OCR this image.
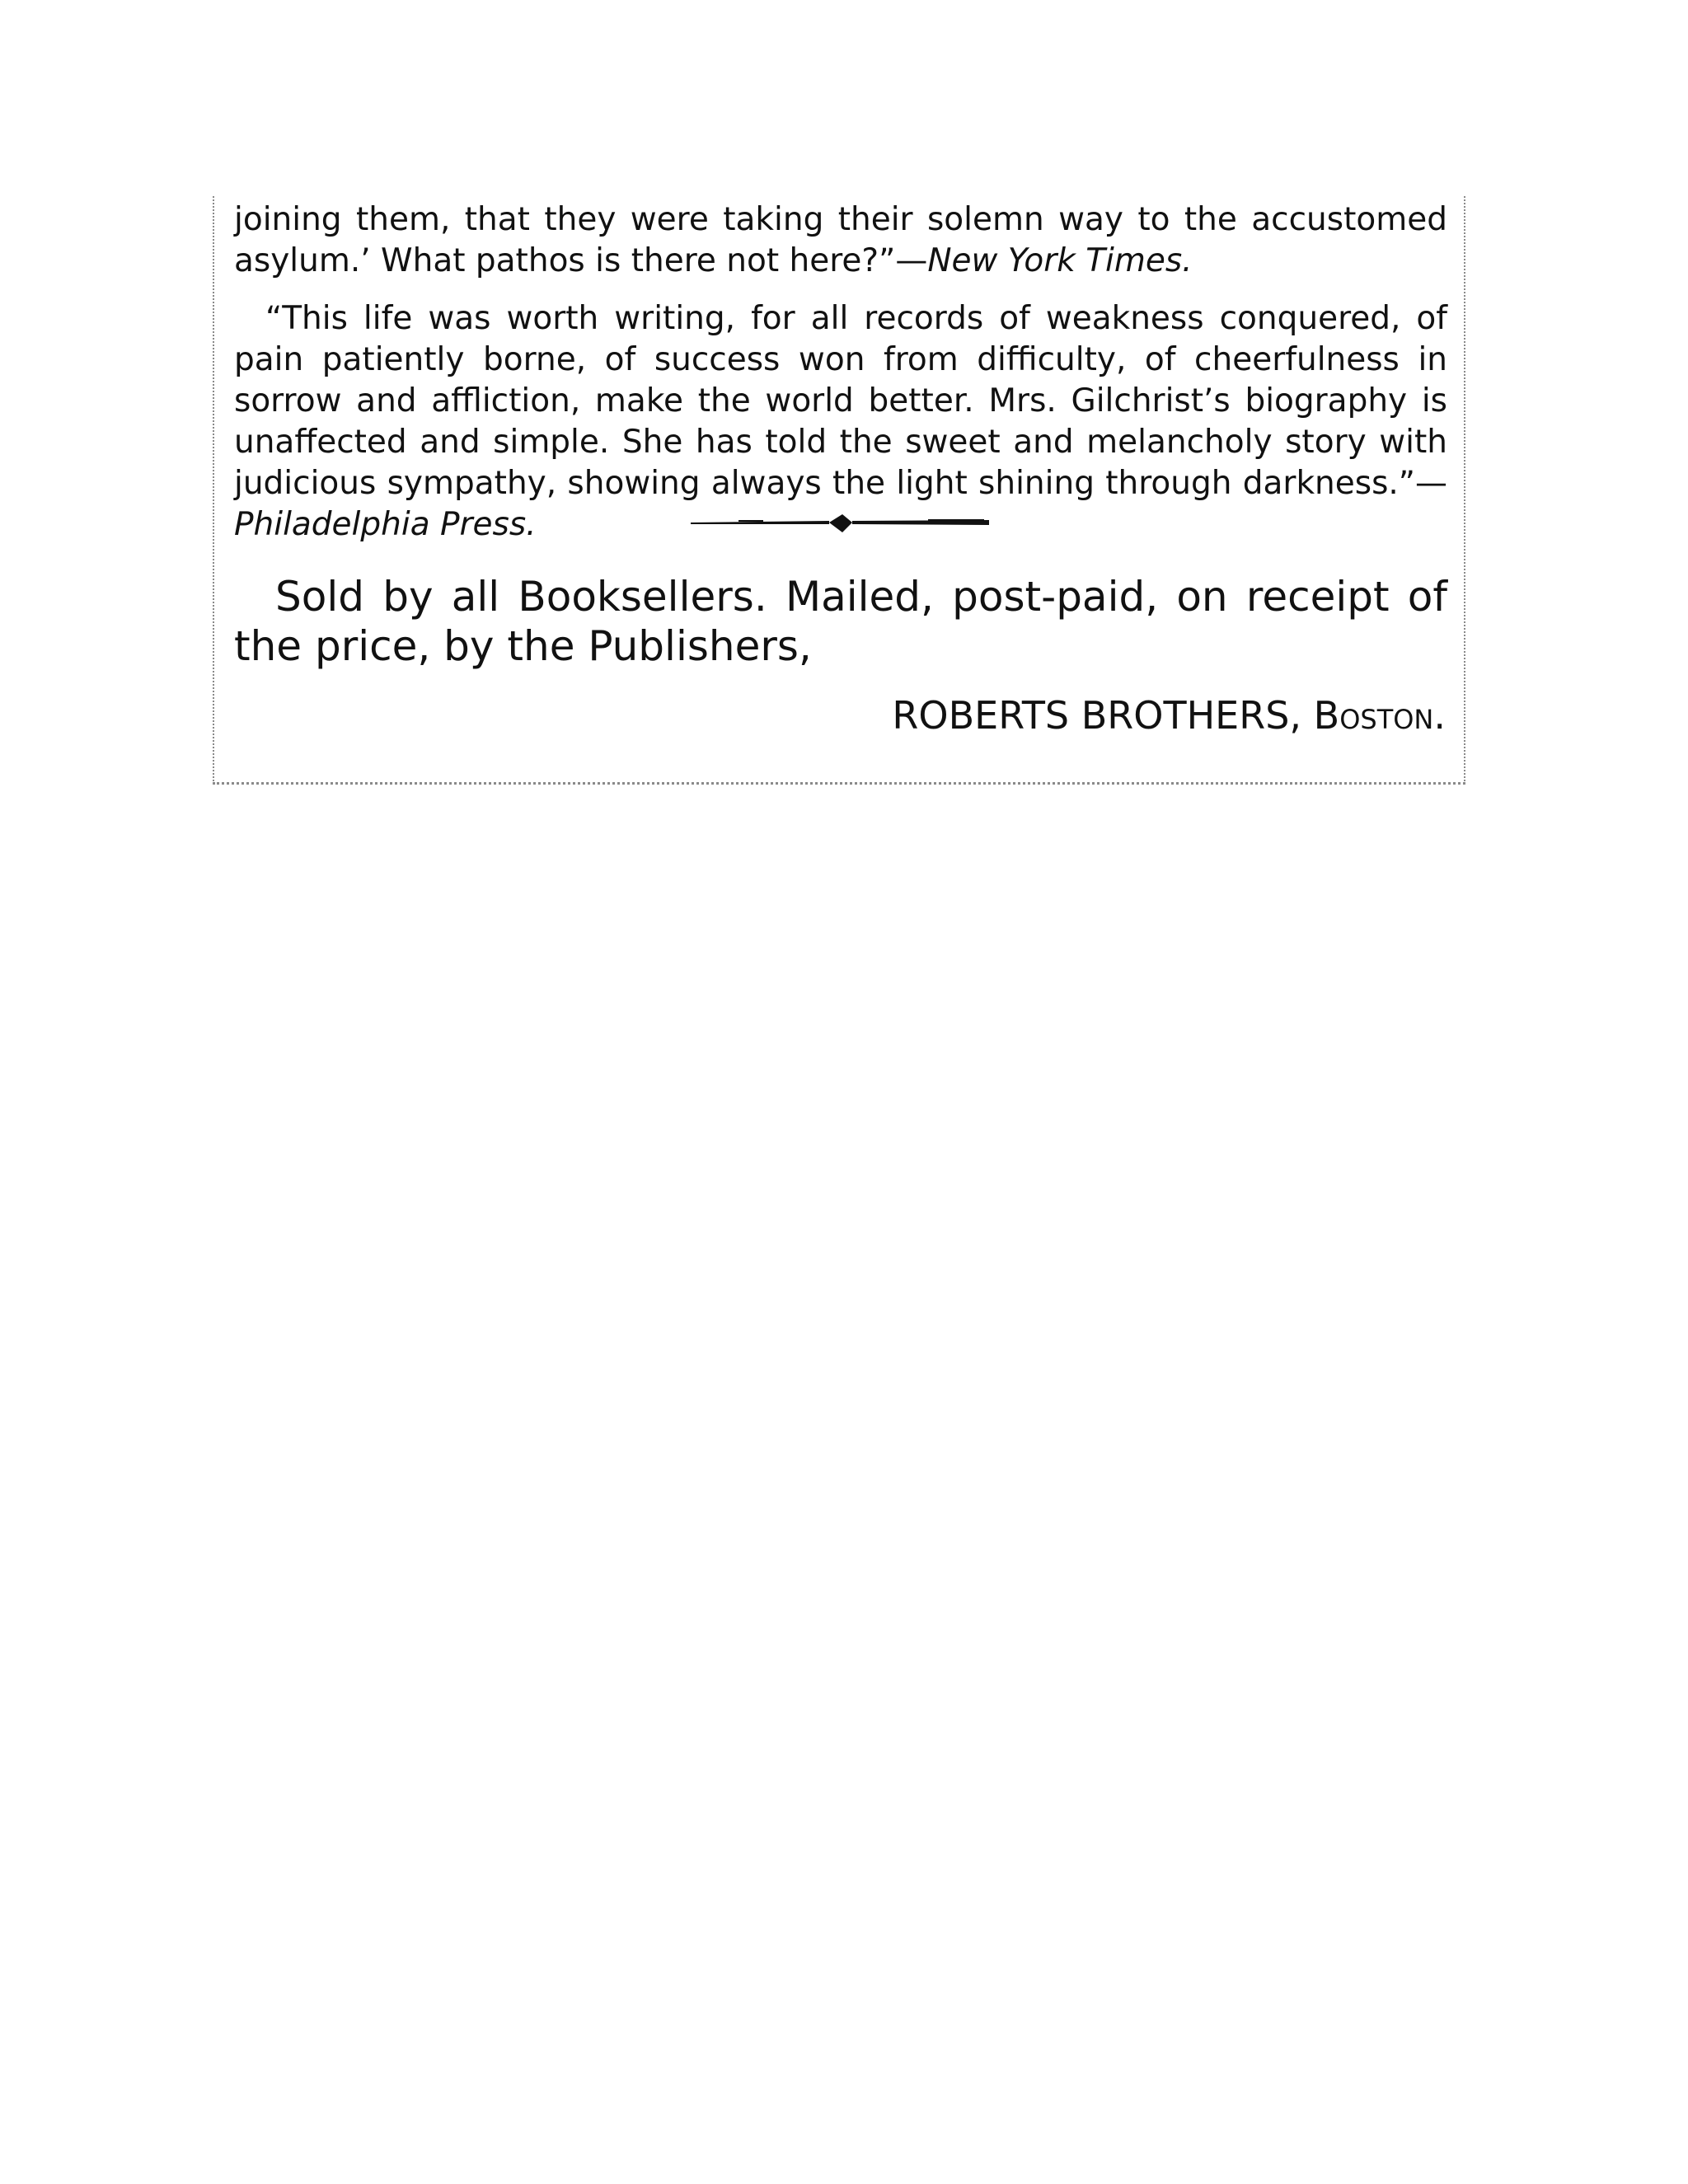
joining them, that they were taking their solemn way to the accustomed asylum.’ What pathos is there not here?”—New York Times.

“This life was worth writing, for all records of weakness conquered, of pain patiently borne, of success won from difficulty, of cheerfulness in sorrow and affliction, make the world better. Mrs. Gilchrist’s biography is unaffected and simple. She has told the sweet and melancholy story with judicious sympathy, showing always the light shining through darkness.”—Philadelphia Press.

Sold by all Booksellers. Mailed, post-paid, on receipt of the price, by the Publishers,

ROBERTS BROTHERS, Boston.
